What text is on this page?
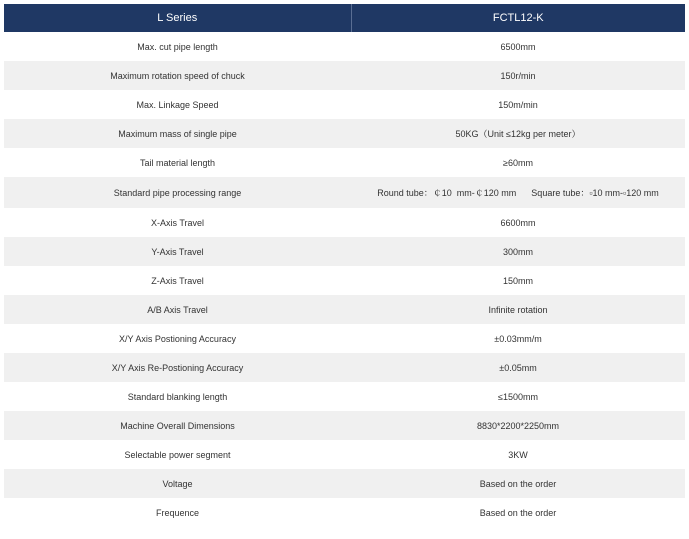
L Series	FCTL12-K
Max. cut pipe length	6500mm
Maximum rotation speed of chuck	150r/min
Max. Linkage Speed	150m/min
Maximum mass of single pipe	50KG（Unit ≤12kg per meter）
Tail material length	≥60mm
Standard pipe processing range	Round tube：￠10  mm-￠120 mm      Square tube：▫10 mm-▫120 mm
X-Axis Travel	6600mm
Y-Axis Travel	300mm
Z-Axis Travel	150mm
A/B Axis Travel	Infinite rotation
X/Y Axis Postioning Accuracy	±0.03mm/m
X/Y Axis Re-Postioning Accuracy	±0.05mm
Standard blanking length	≤1500mm
Machine Overall Dimensions	8830*2200*2250mm
Selectable power segment	3KW
Voltage	Based on the order
Frequence	Based on the order
